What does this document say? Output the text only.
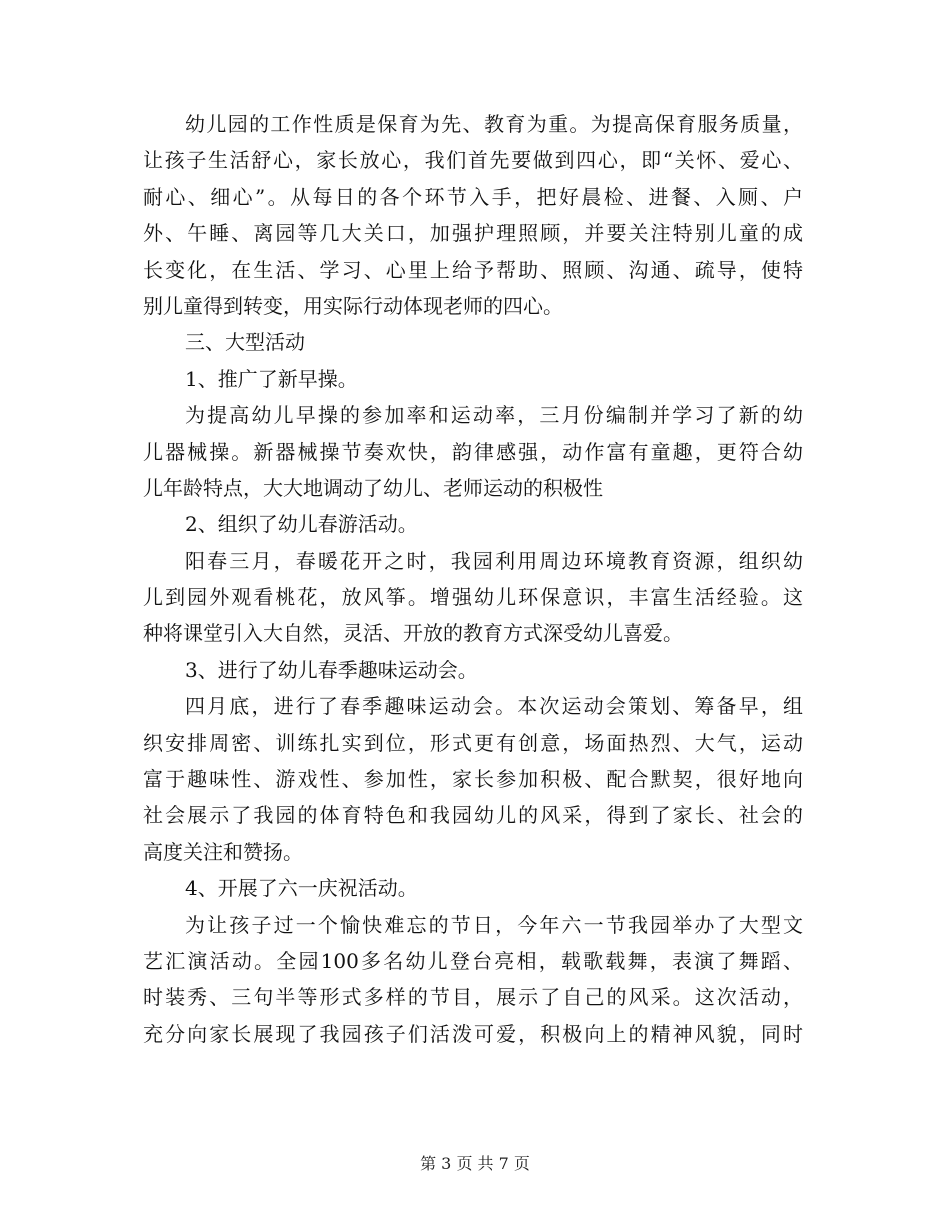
幼儿园的工作性质是保育为先、教育为重。为提高保育服务质量，
让孩子生活舒心，家长放心，我们首先要做到四心，即“关怀、爱心、
耐心、细心”。从每日的各个环节入手，把好晨检、进餐、入厕、户
外、午睡、离园等几大关口，加强护理照顾，并要关注特别儿童的成
长变化，在生活、学习、心里上给予帮助、照顾、沟通、疏导，使特
别儿童得到转变，用实际行动体现老师的四心。
三、大型活动
1、推广了新早操。
为提高幼儿早操的参加率和运动率，三月份编制并学习了新的幼
儿器械操。新器械操节奏欢快，韵律感强，动作富有童趣，更符合幼
儿年龄特点，大大地调动了幼儿、老师运动的积极性
2、组织了幼儿春游活动。
阳春三月，春暖花开之时，我园利用周边环境教育资源，组织幼
儿到园外观看桃花，放风筝。增强幼儿环保意识，丰富生活经验。这
种将课堂引入大自然，灵活、开放的教育方式深受幼儿喜爱。
3、进行了幼儿春季趣味运动会。
四月底，进行了春季趣味运动会。本次运动会策划、筹备早，组
织安排周密、训练扎实到位，形式更有创意，场面热烈、大气，运动
富于趣味性、游戏性、参加性，家长参加积极、配合默契，很好地向
社会展示了我园的体育特色和我园幼儿的风采，得到了家长、社会的
高度关注和赞扬。
4、开展了六一庆祝活动。
为让孩子过一个愉快难忘的节日，今年六一节我园举办了大型文
艺汇演活动。全园100多名幼儿登台亮相，载歌载舞，表演了舞蹈、
时装秀、三句半等形式多样的节目，展示了自己的风采。这次活动，
充分向家长展现了我园孩子们活泼可爱，积极向上的精神风貌，同时
第 3 页 共 7 页
